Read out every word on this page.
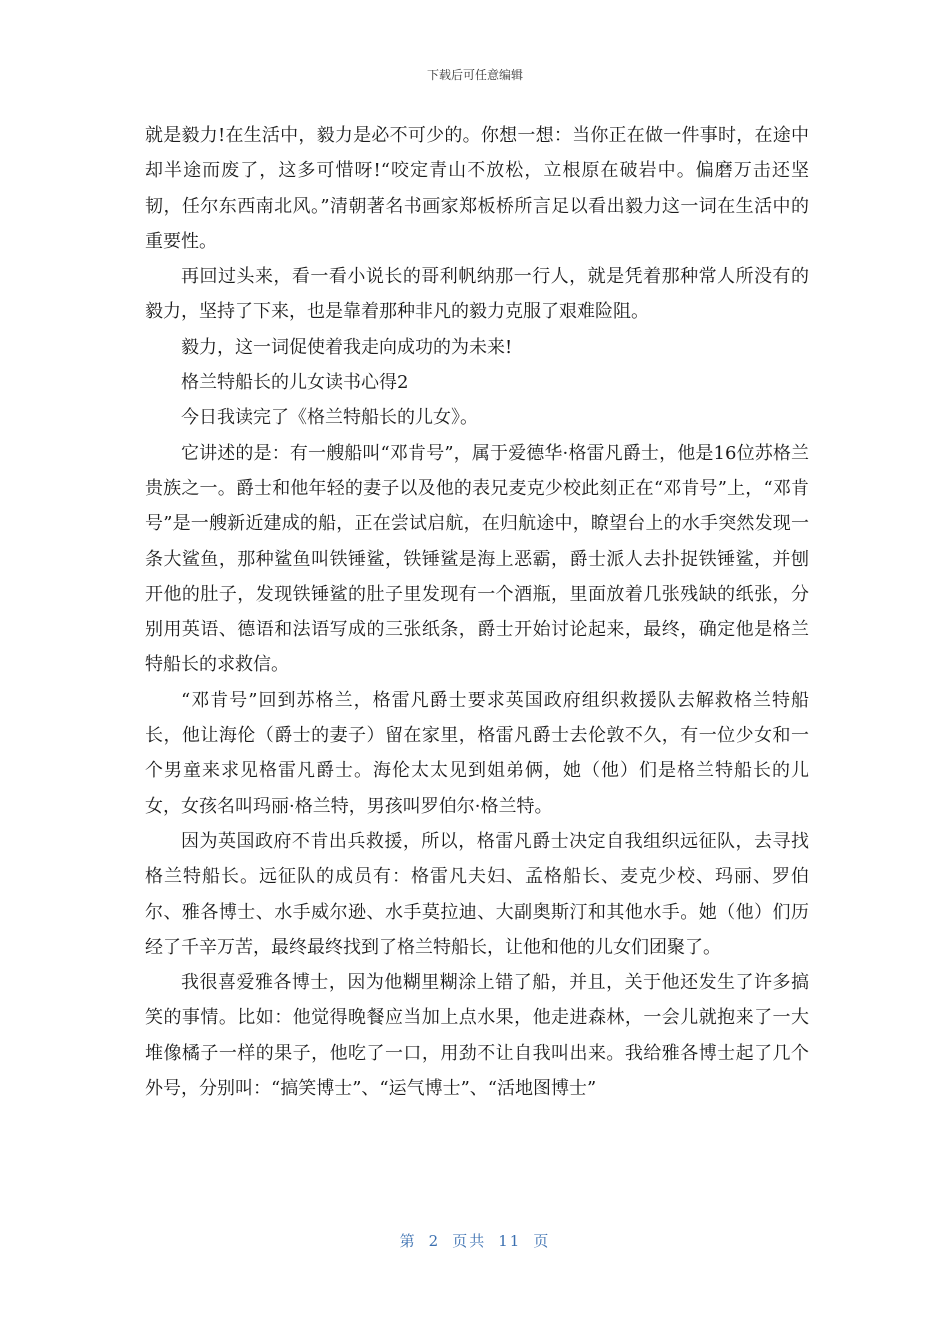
下载后可任意编辑

就是毅力!在生活中，毅力是必不可少的。你想一想：当你正在做一件事时，在途中却半途而废了，这多可惜呀!“咬定青山不放松，立根原在破岩中。偏磨万击还坚韧，任尔东西南北风。”清朝著名书画家郑板桥所言足以看出毅力这一词在生活中的重要性。

再回过头来，看一看小说长的哥利帆纳那一行人，就是凭着那种常人所没有的毅力，坚持了下来，也是靠着那种非凡的毅力克服了艰难险阻。

毅力，这一词促使着我走向成功的为未来!

格兰特船长的儿女读书心得2

今日我读完了《格兰特船长的儿女》。

它讲述的是：有一艘船叫“邓肯号”，属于爱德华·格雷凡爵士，他是16位苏格兰贵族之一。爵士和他年轻的妻子以及他的表兄麦克少校此刻正在“邓肯号”上，“邓肯号”是一艘新近建成的船，正在尝试启航，在归航途中，瞭望台上的水手突然发现一条大鲨鱼，那种鲨鱼叫铁锤鲨，铁锤鲨是海上恶霸，爵士派人去扑捉铁锤鲨，并刨开他的肚子，发现铁锤鲨的肚子里发现有一个酒瓶，里面放着几张残缺的纸张，分别用英语、德语和法语写成的三张纸条，爵士开始讨论起来，最终，确定他是格兰特船长的求救信。

“邓肯号”回到苏格兰，格雷凡爵士要求英国政府组织救援队去解救格兰特船长，他让海伦（爵士的妻子）留在家里，格雷凡爵士去伦敦不久，有一位少女和一个男童来求见格雷凡爵士。海伦太太见到姐弟俩，她（他）们是格兰特船长的儿女，女孩名叫玛丽·格兰特，男孩叫罗伯尔·格兰特。

因为英国政府不肯出兵救援，所以，格雷凡爵士决定自我组织远征队，去寻找格兰特船长。远征队的成员有：格雷凡夫妇、孟格船长、麦克少校、玛丽、罗伯尔、雅各博士、水手威尔逊、水手莫拉迪、大副奥斯汀和其他水手。她（他）们历经了千辛万苦，最终最终找到了格兰特船长，让他和他的儿女们团聚了。

我很喜爱雅各博士，因为他糊里糊涂上错了船，并且，关于他还发生了许多搞笑的事情。比如：他觉得晚餐应当加上点水果，他走进森林，一会儿就抱来了一大堆像橘子一样的果子，他吃了一口，用劲不让自我叫出来。我给雅各博士起了几个外号，分别叫：“搞笑博士”、“运气博士”、“活地图博士”

第 2 页共 11 页
